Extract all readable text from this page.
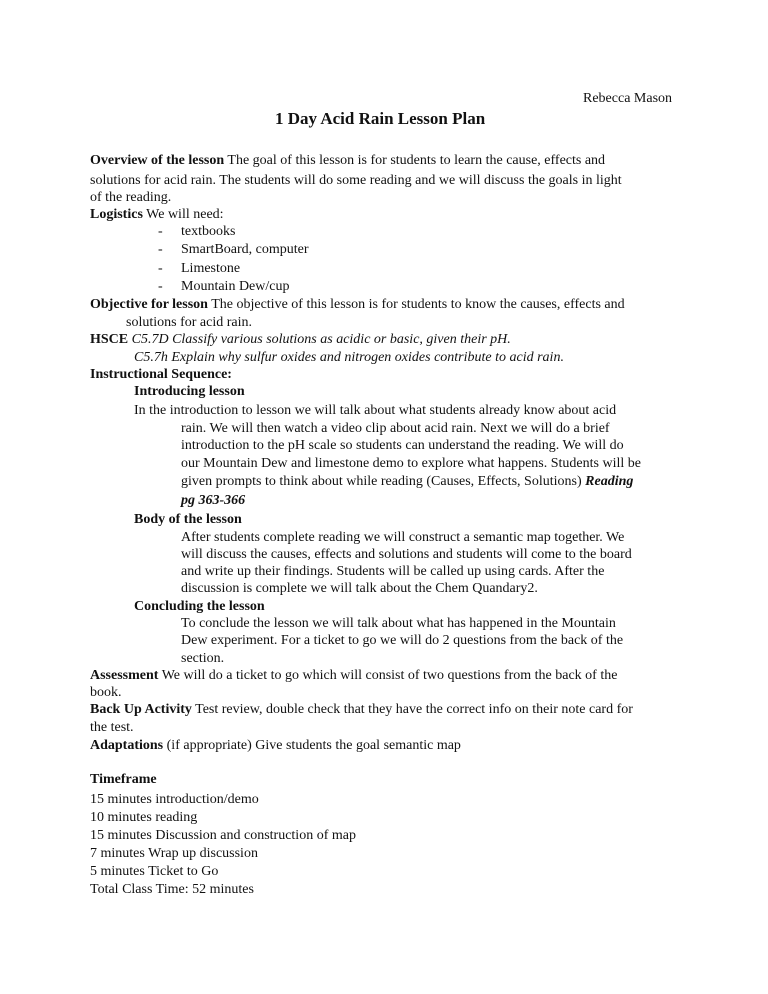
Rebecca Mason
1 Day Acid Rain Lesson Plan
Overview of the lesson The goal of this lesson is for students to learn the cause, effects and
solutions for acid rain. The students will do some reading and we will discuss the goals in light
of the reading.
Logistics We will need:
- textbooks
- SmartBoard, computer
- Limestone
- Mountain Dew/cup
Objective for lesson The objective of this lesson is for students to know the causes, effects and
solutions for acid rain.
HSCE C5.7D Classify various solutions as acidic or basic, given their pH.
C5.7h Explain why sulfur oxides and nitrogen oxides contribute to acid rain.
Instructional Sequence:
Introducing lesson
In the introduction to lesson we will talk about what students already know about acid
rain. We will then watch a video clip about acid rain. Next we will do a brief
introduction to the pH scale so students can understand the reading. We will do
our Mountain Dew and limestone demo to explore what happens. Students will be
given prompts to think about while reading (Causes, Effects, Solutions) Reading
pg 363-366
Body of the lesson
After students complete reading we will construct a semantic map together. We
will discuss the causes, effects and solutions and students will come to the board
and write up their findings. Students will be called up using cards. After the
discussion is complete we will talk about the Chem Quandary2.
Concluding the lesson
To conclude the lesson we will talk about what has happened in the Mountain
Dew experiment. For a ticket to go we will do 2 questions from the back of the
section.
Assessment We will do a ticket to go which will consist of two questions from the back of the
book.
Back Up Activity Test review, double check that they have the correct info on their note card for
the test.
Adaptations (if appropriate) Give students the goal semantic map
Timeframe
15 minutes introduction/demo
10 minutes reading
15 minutes Discussion and construction of map
7 minutes Wrap up discussion
5 minutes Ticket to Go
Total Class Time: 52 minutes
